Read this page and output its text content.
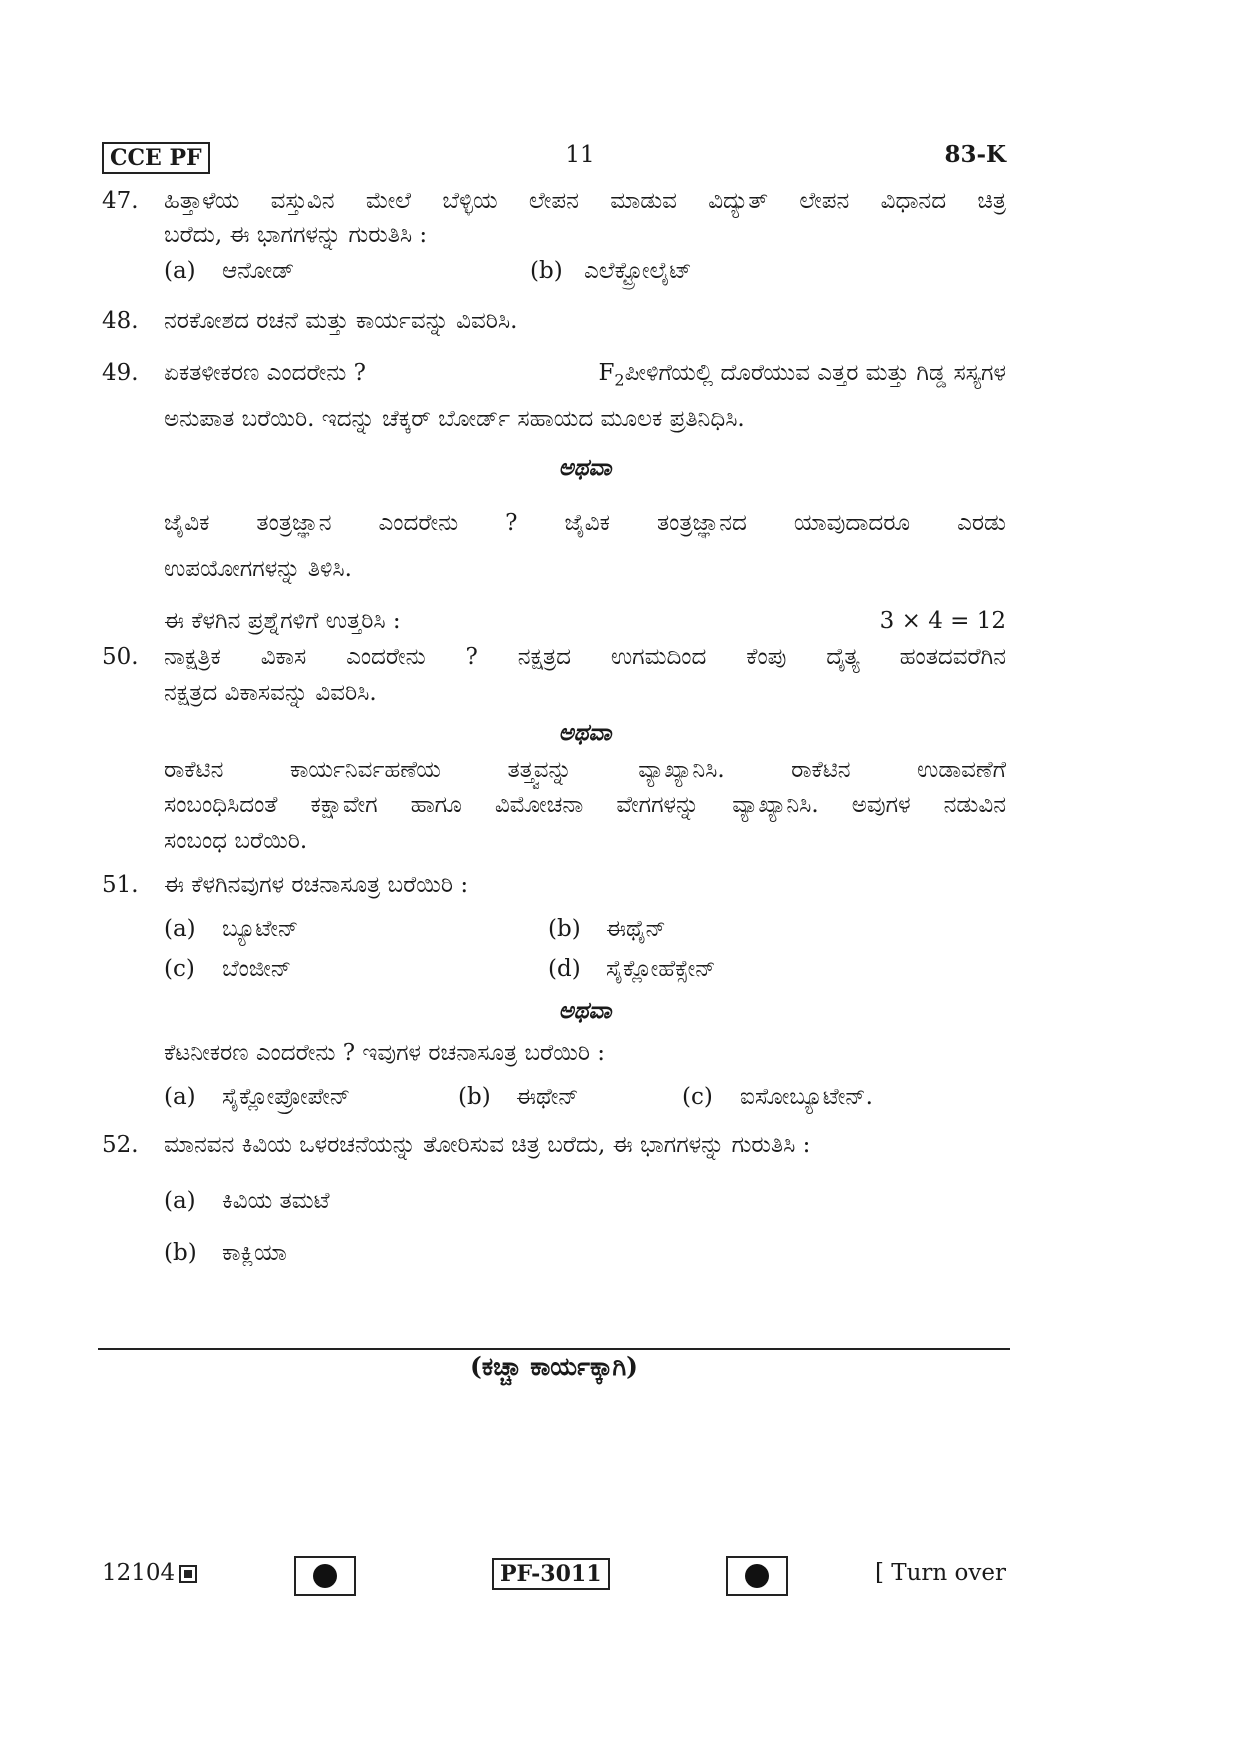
CCE PF	11	83-K
47. ಹಿತ್ತಾಳೆಯ ವಸ್ತುವಿನ ಮೇಲೆ ಬೆಳ್ಳಿಯ ಲೇಪನ ಮಾಡುವ ವಿದ್ಯುತ್ ಲೇಪನ ವಿಧಾನದ ಚಿತ್ರ
ಬರೆದು, ಈ ಭಾಗಗಳನ್ನು ಗುರುತಿಸಿ :
(a) ಆನೋಡ್	(b) ಎಲೆಕ್ಟ್ರೋಲೈಟ್
48. ನರಕೋಶದ ರಚನೆ ಮತ್ತು ಕಾರ್ಯವನ್ನು ವಿವರಿಸಿ.
49. ಏಕತಳೀಕರಣ ಎಂದರೇನು ?	$F_2ಪೀಳಿಗೆಯಲ್ಲಿ$ ದೊರೆಯುವ ಎತ್ತರ ಮತ್ತು ಗಿಡ್ಡ ಸಸ್ಯಗಳ
ಅನುಪಾತ ಬರೆಯಿರಿ. ಇದನ್ನು ಚೆಕ್ಕರ್ ಬೋರ್ಡ್ ಸಹಾಯದ ಮೂಲಕ ಪ್ರತಿನಿಧಿಸಿ.
ಅಥವಾ
ಜೈವಿಕ ತಂತ್ರಜ್ಞಾನ ಎಂದರೇನು ? ಜೈವಿಕ ತಂತ್ರಜ್ಞಾನದ ಯಾವುದಾದರೂ ಎರಡು
ಉಪಯೋಗಗಳನ್ನು ತಿಳಿಸಿ.
ಈ ಕೆಳಗಿನ ಪ್ರಶ್ನೆಗಳಿಗೆ ಉತ್ತರಿಸಿ :	3 × 4 = 12
50. ನಾಕ್ಷತ್ರಿಕ ವಿಕಾಸ ಎಂದರೇನು ? ನಕ್ಷತ್ರದ ಉಗಮದಿಂದ ಕೆಂಪು ದೈತ್ಯ ಹಂತದವರೆಗಿನ
ನಕ್ಷತ್ರದ ವಿಕಾಸವನ್ನು ವಿವರಿಸಿ.
ಅಥವಾ
ರಾಕೆಟಿನ ಕಾರ್ಯನಿರ್ವಹಣೆಯ ತತ್ತ್ವವನ್ನು ವ್ಯಾಖ್ಯಾನಿಸಿ. ರಾಕೆಟಿನ ಉಡಾವಣೆಗೆ
ಸಂಬಂಧಿಸಿದಂತೆ ಕಕ್ಷಾವೇಗ ಹಾಗೂ ವಿಮೋಚನಾ ವೇಗಗಳನ್ನು ವ್ಯಾಖ್ಯಾನಿಸಿ. ಅವುಗಳ ನಡುವಿನ
ಸಂಬಂಧ ಬರೆಯಿರಿ.
51. ಈ ಕೆಳಗಿನವುಗಳ ರಚನಾಸೂತ್ರ ಬರೆಯಿರಿ :
(a) ಬ್ಯೂಟೇನ್	(b) ಈಥೈನ್
(c) ಬೆಂಜೀನ್	(d) ಸೈಕ್ಲೋಹೆಕ್ಸೇನ್
ಅಥವಾ
ಕೆಟನೀಕರಣ ಎಂದರೇನು ? ಇವುಗಳ ರಚನಾಸೂತ್ರ ಬರೆಯಿರಿ :
(a) ಸೈಕ್ಲೋಪ್ರೋಪೇನ್	(b) ಈಥೇನ್	(c) ಐಸೋಬ್ಯೂಟೇನ್.
52. ಮಾನವನ ಕಿವಿಯ ಒಳರಚನೆಯನ್ನು ತೋರಿಸುವ ಚಿತ್ರ ಬರೆದು, ಈ ಭಾಗಗಳನ್ನು ಗುರುತಿಸಿ :
(a) ಕಿವಿಯ ತಮಟೆ
(b) ಕಾಕ್ಲಿಯಾ
(ಕಚ್ಚಾ ಕಾರ್ಯಕ್ಕಾಗಿ)
12104	PF-3011	[ Turn over
